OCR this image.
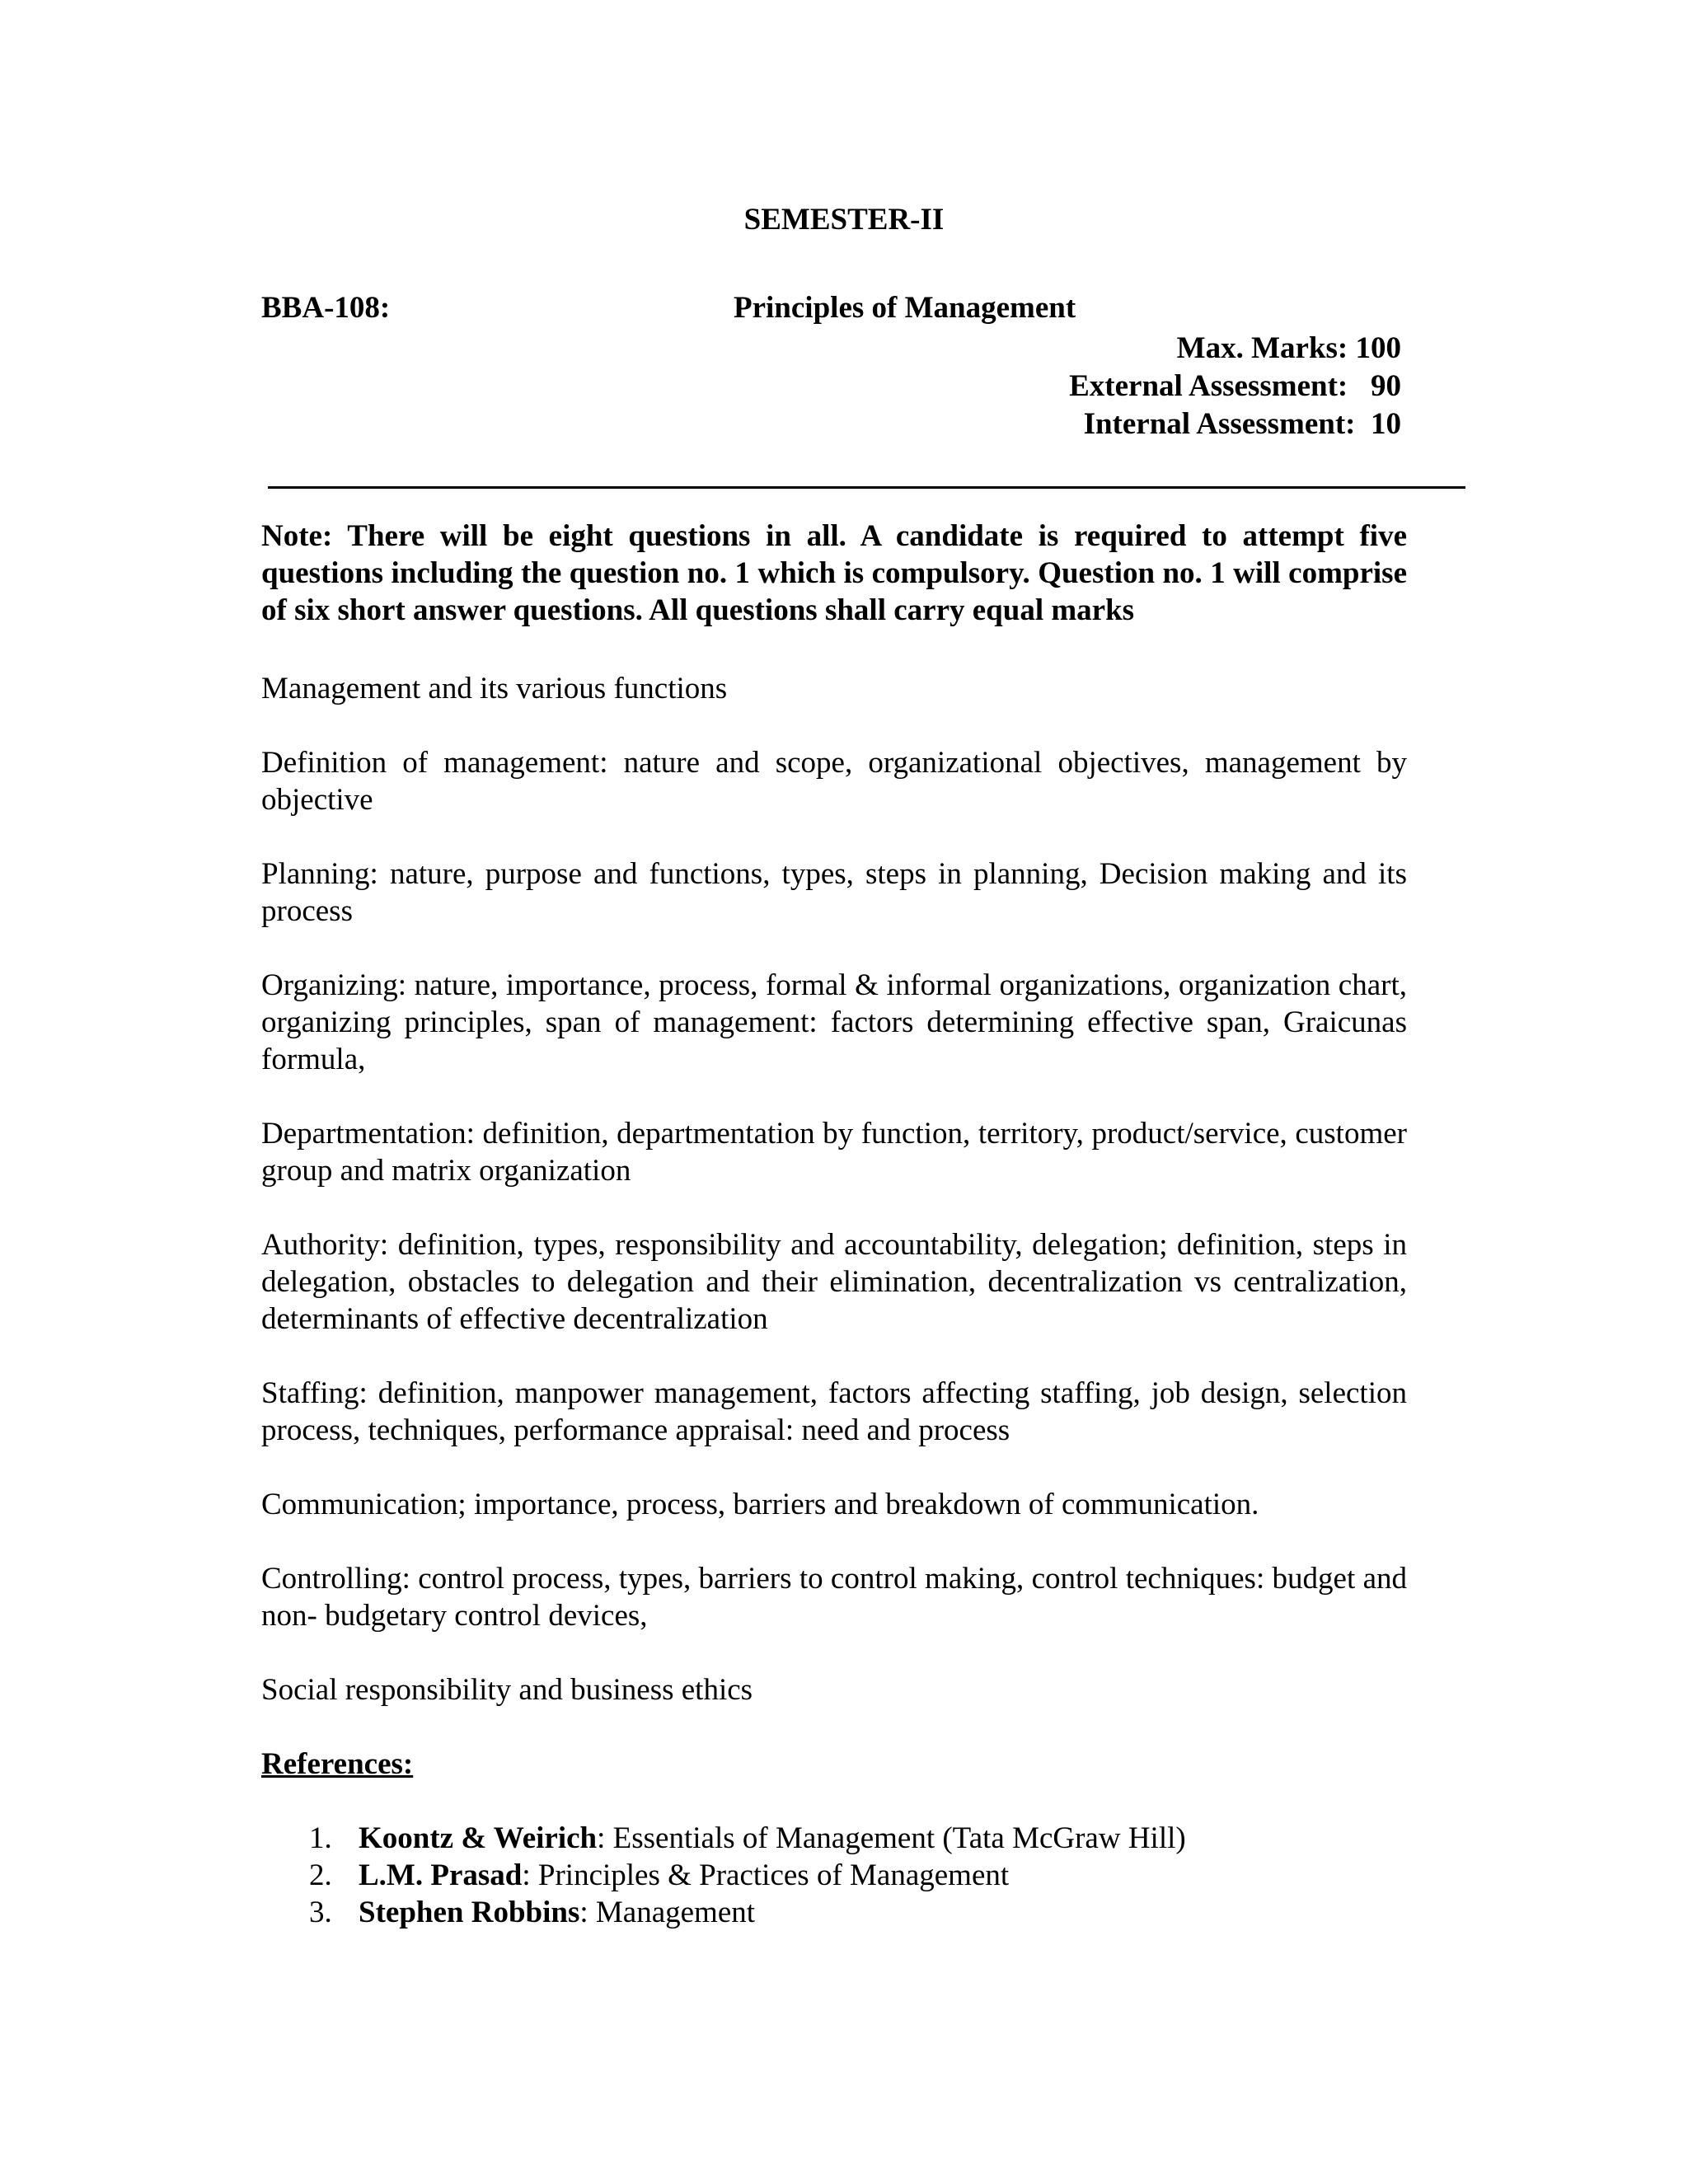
SEMESTER-II
BBA-108:	Principles of Management
Max. Marks: 100
External Assessment:   90
Internal Assessment:  10

Note: There will be eight questions in all. A candidate is required to attempt five questions including the question no. 1 which is compulsory. Question no. 1 will comprise of six short answer questions. All questions shall carry equal marks

Management and its various functions

Definition of management: nature and scope, organizational objectives, management by objective

Planning: nature, purpose and functions, types, steps in planning, Decision making and its process

Organizing: nature, importance, process, formal & informal organizations, organization chart, organizing principles, span of management: factors determining effective span, Graicunas formula,

Departmentation: definition, departmentation by function, territory, product/service, customer group and matrix organization

Authority: definition, types, responsibility and accountability, delegation; definition, steps in delegation, obstacles to delegation and their elimination, decentralization vs centralization, determinants of effective decentralization

Staffing: definition, manpower management, factors affecting staffing, job design, selection process, techniques, performance appraisal: need and process

Communication; importance, process, barriers and breakdown of communication.

Controlling: control process, types, barriers to control making, control techniques: budget and non- budgetary control devices,

Social responsibility and business ethics

References:
1. Koontz & Weirich: Essentials of Management (Tata McGraw Hill)
2. L.M. Prasad: Principles & Practices of Management
3. Stephen Robbins: Management
